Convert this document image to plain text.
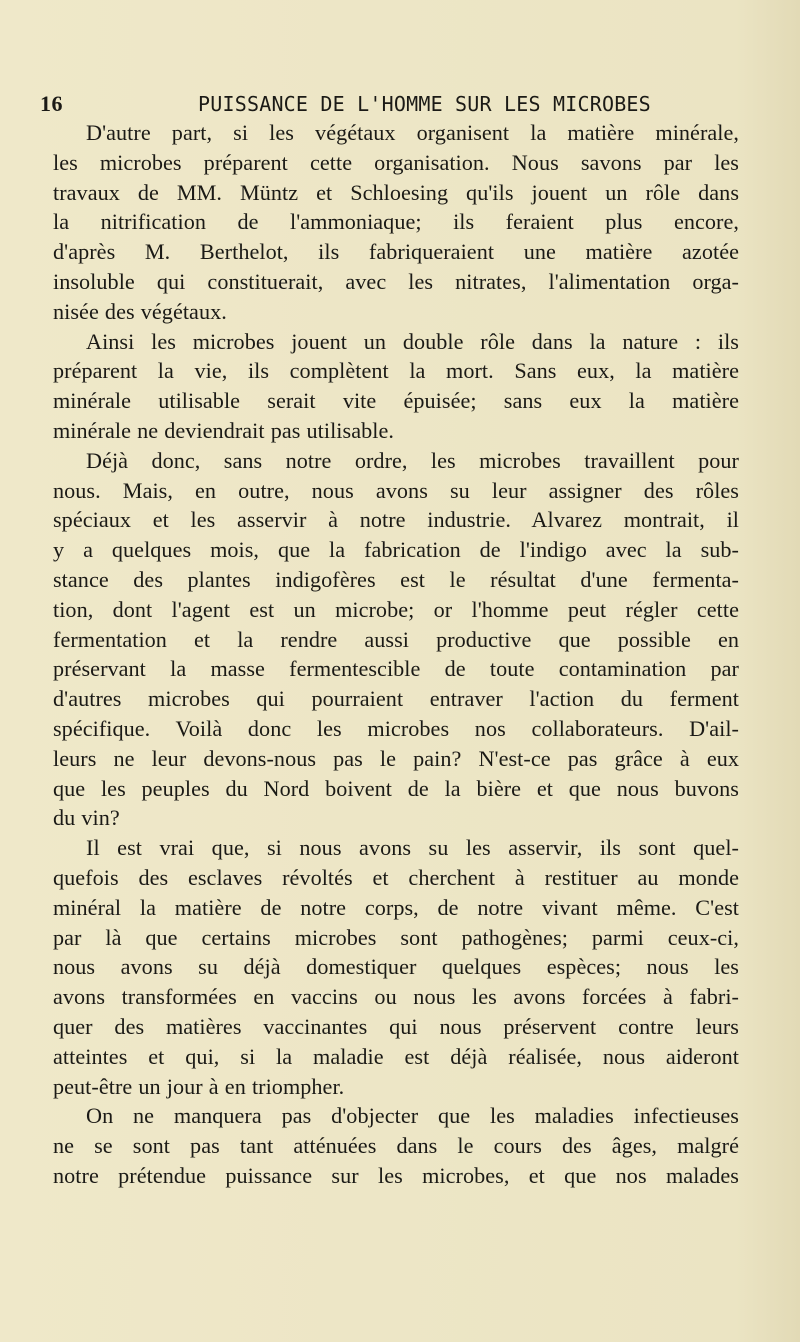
16	PUISSANCE DE L'HOMME SUR LES MICROBES
D'autre part, si les végétaux organisent la matière minérale,
les microbes préparent cette organisation. Nous savons par les
travaux de MM. Müntz et Schloesing qu'ils jouent un rôle dans
la nitrification de l'ammoniaque; ils feraient plus encore,
d'après M. Berthelot, ils fabriqueraient une matière azotée
insoluble qui constituerait, avec les nitrates, l'alimentation orga-
nisée des végétaux.
Ainsi les microbes jouent un double rôle dans la nature : ils
préparent la vie, ils complètent la mort. Sans eux, la matière
minérale utilisable serait vite épuisée; sans eux la matière
minérale ne deviendrait pas utilisable.
Déjà donc, sans notre ordre, les microbes travaillent pour
nous. Mais, en outre, nous avons su leur assigner des rôles
spéciaux et les asservir à notre industrie. Alvarez montrait, il
y a quelques mois, que la fabrication de l'indigo avec la sub-
stance des plantes indigofères est le résultat d'une fermenta-
tion, dont l'agent est un microbe; or l'homme peut régler cette
fermentation et la rendre aussi productive que possible en
préservant la masse fermentescible de toute contamination par
d'autres microbes qui pourraient entraver l'action du ferment
spécifique. Voilà donc les microbes nos collaborateurs. D'ail-
leurs ne leur devons-nous pas le pain? N'est-ce pas grâce à eux
que les peuples du Nord boivent de la bière et que nous buvons
du vin?
Il est vrai que, si nous avons su les asservir, ils sont quel-
quefois des esclaves révoltés et cherchent à restituer au monde
minéral la matière de notre corps, de notre vivant même. C'est
par là que certains microbes sont pathogènes; parmi ceux-ci,
nous avons su déjà domestiquer quelques espèces; nous les
avons transformées en vaccins ou nous les avons forcées à fabri-
quer des matières vaccinantes qui nous préservent contre leurs
atteintes et qui, si la maladie est déjà réalisée, nous aideront
peut-être un jour à en triompher.
On ne manquera pas d'objecter que les maladies infectieuses
ne se sont pas tant atténuées dans le cours des âges, malgré
notre prétendue puissance sur les microbes, et que nos malades
